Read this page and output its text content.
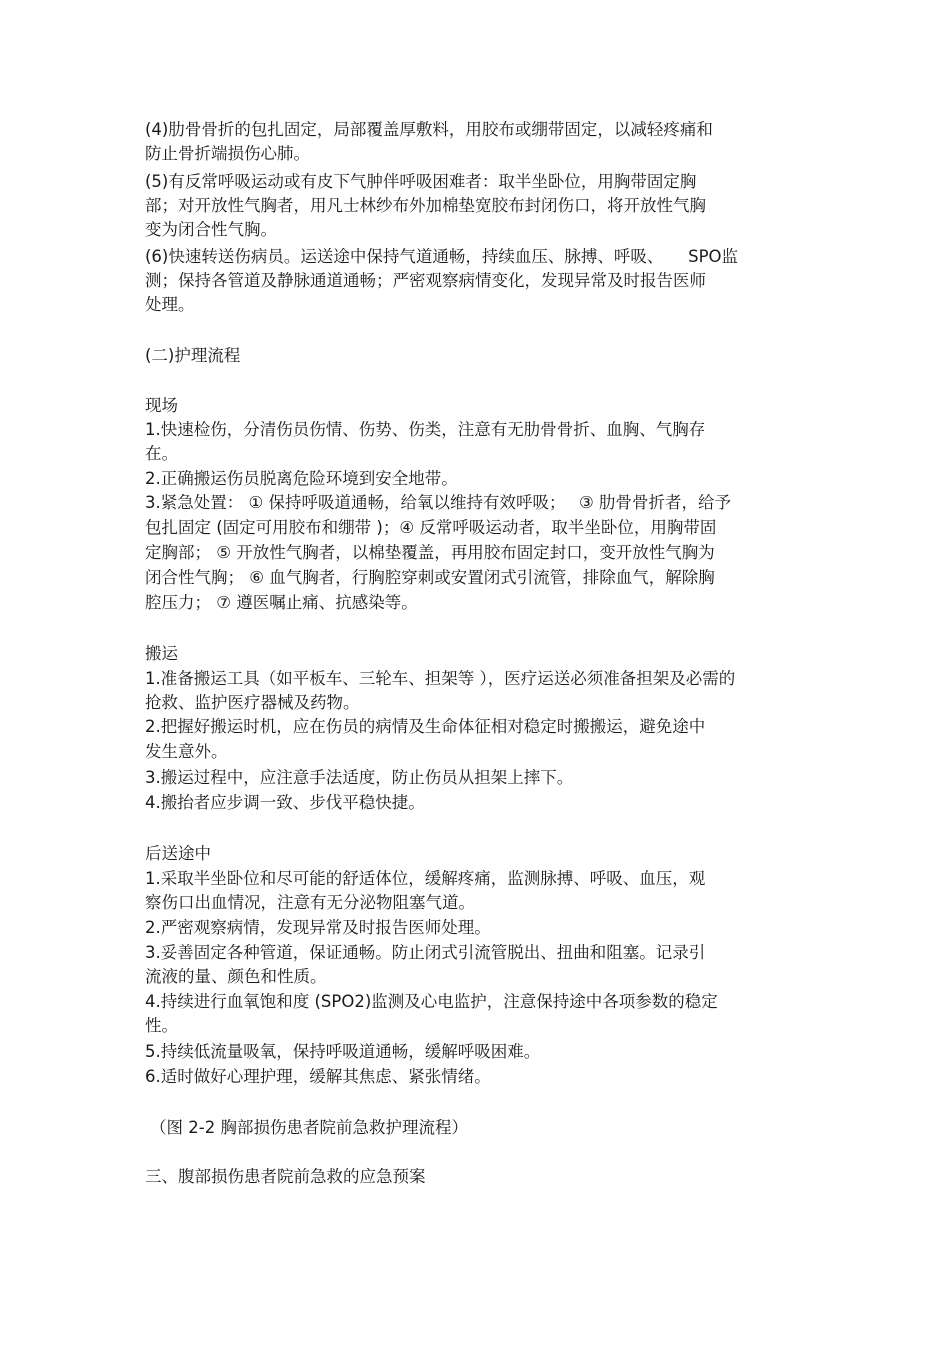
(4)肋骨骨折的包扎固定，局部覆盖厚敷料，用胶布或绷带固定，以减轻疼痛和
防止骨折端损伤心肺。
(5)有反常呼吸运动或有皮下气肿伴呼吸困难者：取半坐卧位，用胸带固定胸
部；对开放性气胸者，用凡士林纱布外加棉垫宽胶布封闭伤口，将开放性气胸
变为闭合性气胸。
(6)快速转送伤病员。运送途中保持气道通畅，持续血压、脉搏、呼吸、　　SPO监
测；保持各管道及静脉通道通畅；严密观察病情变化，发现异常及时报告医师
处理。
(二)护理流程
现场
1.快速检伤，分清伤员伤情、伤势、伤类，注意有无肋骨骨折、血胸、气胸存
在。
2.正确搬运伤员脱离危险环境到安全地带。
3.紧急处置： ① 保持呼吸道通畅，给氧以维持有效呼吸；　 ③ 肋骨骨折者，给予
包扎固定 (固定可用胶布和绷带 )；④ 反常呼吸运动者，取半坐卧位，用胸带固
定胸部； ⑤ 开放性气胸者，以棉垫覆盖，再用胶布固定封口，变开放性气胸为
闭合性气胸； ⑥ 血气胸者，行胸腔穿刺或安置闭式引流管，排除血气，解除胸
腔压力； ⑦ 遵医嘱止痛、抗感染等。
搬运
1.准备搬运工具（如平板车、三轮车、担架等 ），医疗运送必须准备担架及必需的
抢救、监护医疗器械及药物。
2.把握好搬运时机，应在伤员的病情及生命体征相对稳定时搬搬运，避免途中
发生意外。
3.搬运过程中，应注意手法适度，防止伤员从担架上摔下。
4.搬抬者应步调一致、步伐平稳快捷。
后送途中
1.采取半坐卧位和尽可能的舒适体位，缓解疼痛，监测脉搏、呼吸、血压，观
察伤口出血情况，注意有无分泌物阻塞气道。
2.严密观察病情，发现异常及时报告医师处理。
3.妥善固定各种管道，保证通畅。防止闭式引流管脱出、扭曲和阻塞。记录引
流液的量、颜色和性质。
4.持续进行血氧饱和度 (SPO2)监测及心电监护，注意保持途中各项参数的稳定
性。
5.持续低流量吸氧，保持呼吸道通畅，缓解呼吸困难。
6.适时做好心理护理，缓解其焦虑、紧张情绪。
（图 2-2 胸部损伤患者院前急救护理流程）
三、腹部损伤患者院前急救的应急预案
